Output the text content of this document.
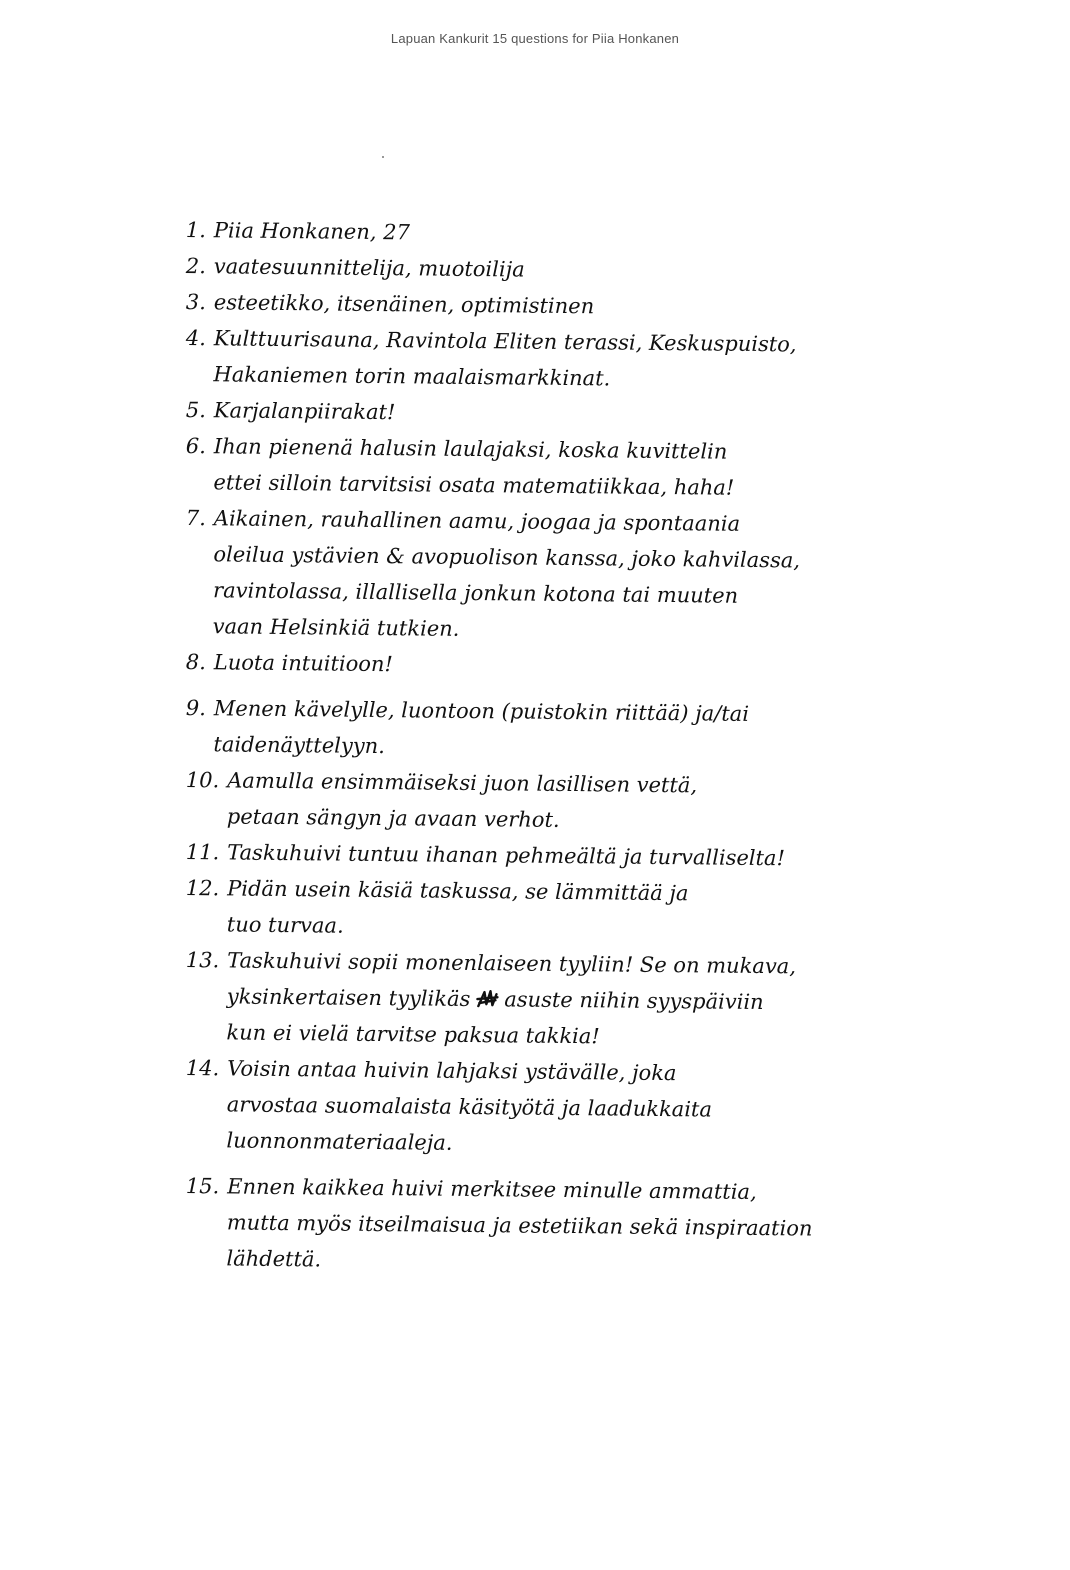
Lapuan Kankurit 15 questions for Piia Honkanen
1. Piia Honkanen, 27
2. vaatesuunnittelija, muotoilija
3. esteetikko, itsenäinen, optimistinen
4. Kulttuurisauna, Ravintola Eliten terassi, Keskuspuisto,
Hakaniemen torin maalaismarkkinat.
5. Karjalanpiirakat!
6. Ihan pienenä halusin laulajaksi, koska kuvittelin
ettei silloin tarvitsisi osata matematiikkaa, haha!
7. Aikainen, rauhallinen aamu, joogaa ja spontaania
oleilua ystävien & avopuolison kanssa, joko kahvilassa,
ravintolassa, illallisella jonkun kotona tai muuten
vaan Helsinkiä tutkien.
8. Luota intuitioon!
9. Menen kävelylle, luontoon (puistokin riittää) ja/tai
taidenäyttelyyn.
10. Aamulla ensimmäiseksi juon lasillisen vettä,
petaan sängyn ja avaan verhot.
11. Taskuhuivi tuntuu ihanan pehmeältä ja turvalliselta!
12. Pidän usein käsiä taskussa, se lämmittää ja
tuo turvaa.
13. Taskuhuivi sopii monenlaiseen tyyliin! Se on mukava,
yksinkertaisen tyylikäs asuste niihin syyspäiviin
kun ei vielä tarvitse paksua takkia!
14. Voisin antaa huivin lahjaksi ystävälle, joka
arvostaa suomalaista käsityötä ja laadukkaita
luonnonmateriaaleja.
15. Ennen kaikkea huivi merkitsee minulle ammattia,
mutta myös itseilmaisua ja estetiikan sekä inspiraation
lähdettä.
